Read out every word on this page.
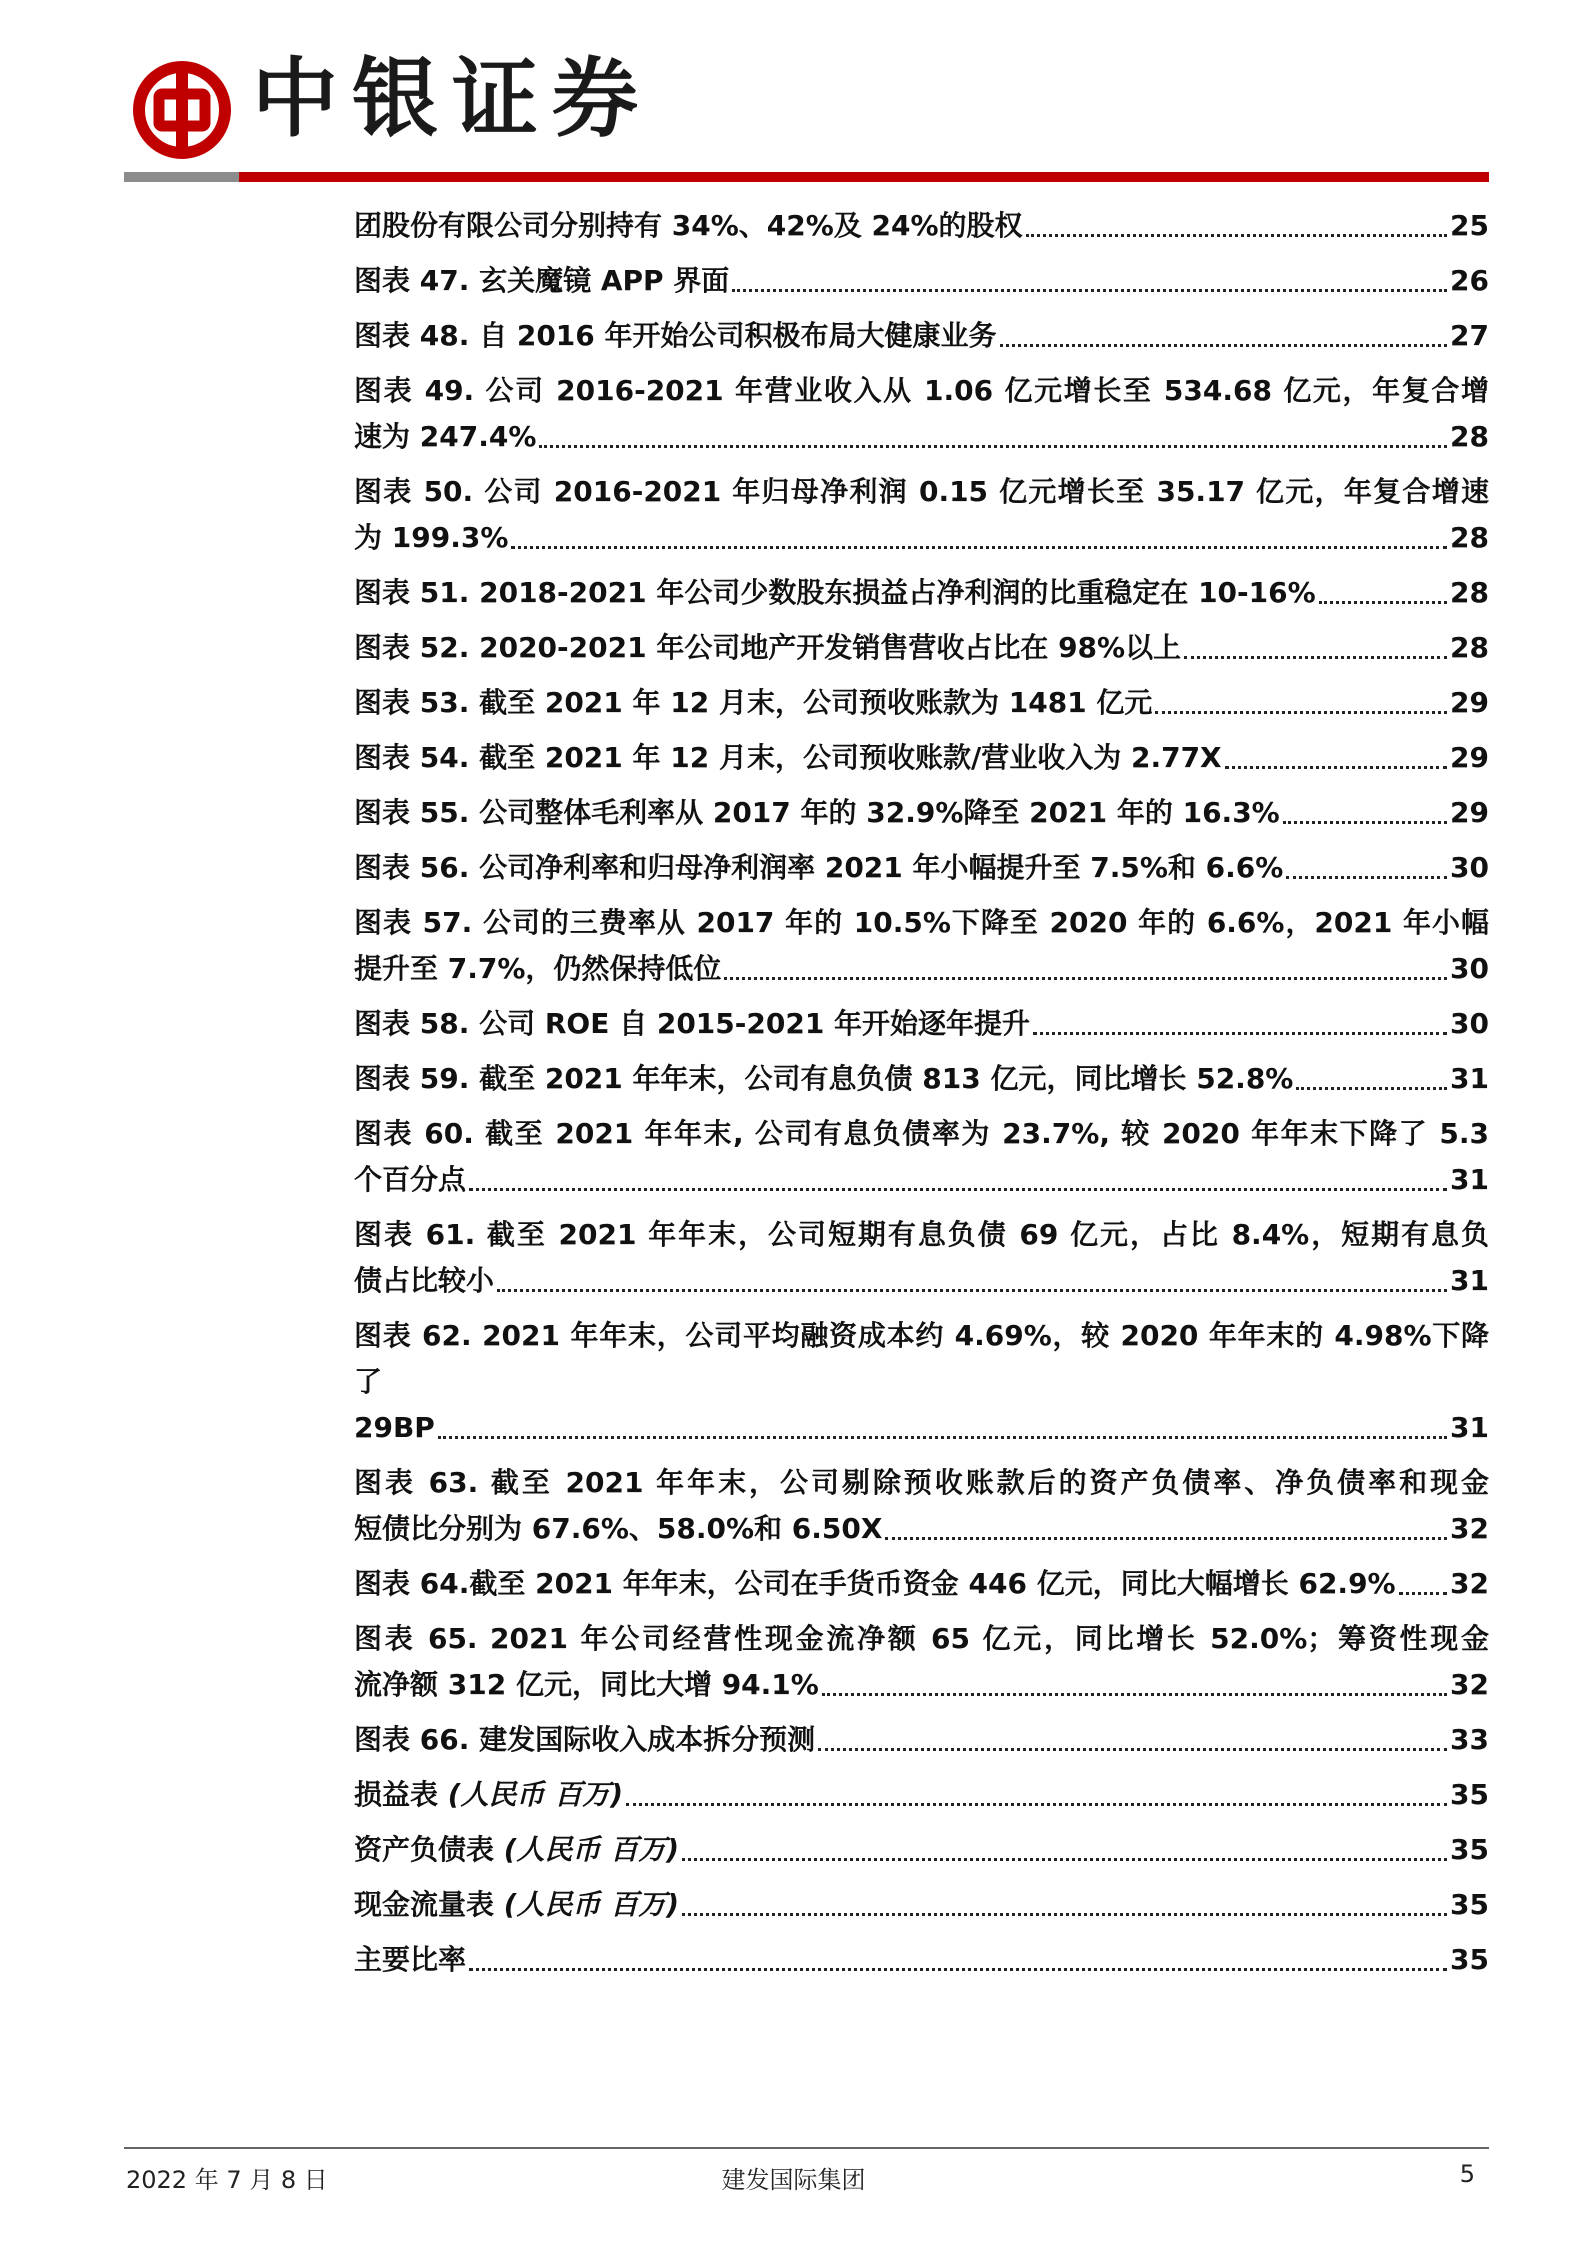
中银证券
团股份有限公司分别持有 34%、42%及 24%的股权	25
图表 47. 玄关魔镜 APP 界面	26
图表 48. 自 2016 年开始公司积极布局大健康业务	27
图表 49. 公司 2016-2021 年营业收入从 1.06 亿元增长至 534.68 亿元，年复合增
速为 247.4%	28
图表 50. 公司 2016-2021 年归母净利润 0.15 亿元增长至 35.17 亿元，年复合增速
为 199.3%	28
图表 51. 2018-2021 年公司少数股东损益占净利润的比重稳定在 10-16%	28
图表 52. 2020-2021 年公司地产开发销售营收占比在 98%以上	28
图表 53. 截至 2021 年 12 月末，公司预收账款为 1481 亿元	29
图表 54. 截至 2021 年 12 月末，公司预收账款/营业收入为 2.77X	29
图表 55. 公司整体毛利率从 2017 年的 32.9%降至 2021 年的 16.3%	29
图表 56. 公司净利率和归母净利润率 2021 年小幅提升至 7.5%和 6.6%	30
图表 57. 公司的三费率从 2017 年的 10.5%下降至 2020 年的 6.6%，2021 年小幅
提升至 7.7%，仍然保持低位	30
图表 58. 公司 ROE 自 2015-2021 年开始逐年提升	30
图表 59. 截至 2021 年年末，公司有息负债 813 亿元，同比增长 52.8%	31
图表 60. 截至 2021 年年末, 公司有息负债率为 23.7%, 较 2020 年年末下降了 5.3
个百分点	31
图表 61. 截至 2021 年年末，公司短期有息负债 69 亿元，占比 8.4%，短期有息负
债占比较小	31
图表 62. 2021 年年末，公司平均融资成本约 4.69%，较 2020 年年末的 4.98%下降了
29BP	31
图表 63. 截至 2021 年年末，公司剔除预收账款后的资产负债率、净负债率和现金
短债比分别为 67.6%、58.0%和 6.50X	32
图表 64.截至 2021 年年末，公司在手货币资金 446 亿元，同比大幅增长 62.9% 32
图表 65. 2021 年公司经营性现金流净额 65 亿元，同比增长 52.0%；筹资性现金
流净额 312 亿元，同比大增 94.1%	32
图表 66. 建发国际收入成本拆分预测	33
损益表 (人民币 百万)	35
资产负债表 (人民币 百万)	35
现金流量表 (人民币 百万)	35
主要比率	35
2022 年 7 月 8 日	建发国际集团	5
